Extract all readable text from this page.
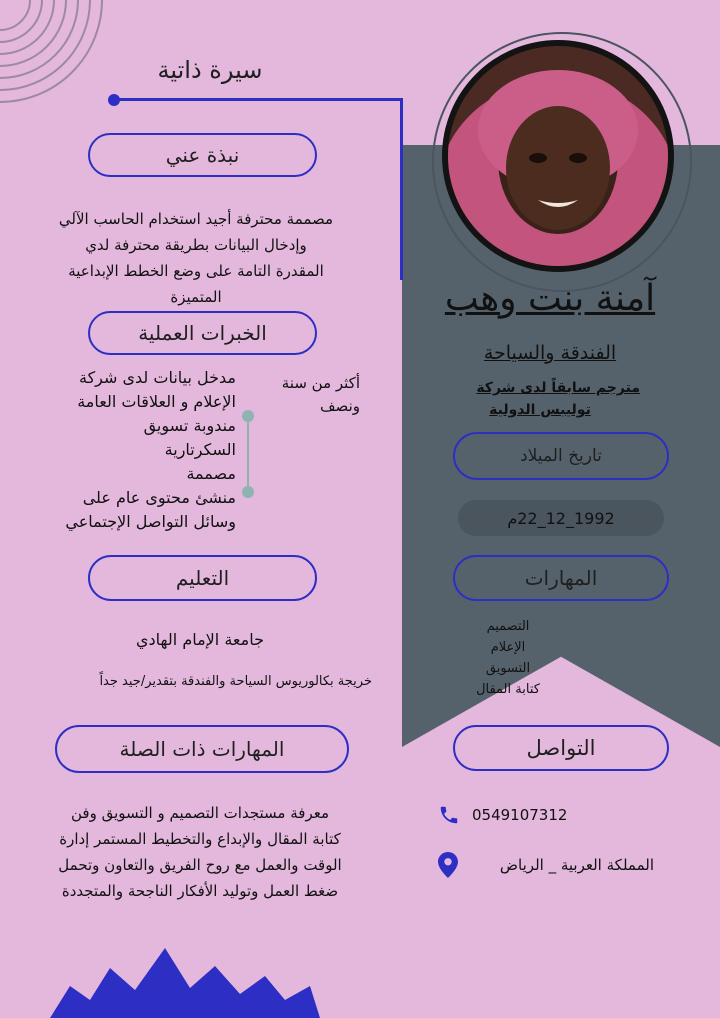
سيرة ذاتية
آمنة بنت وهب
الفندقة والسياحة
مترجم سابقاً لدى شركة
توليبس الدولية
تاريخ الميلاد
1992_12_22م
المهارات
التصميم
الإعلام
التسويق
كتابة المقال
التواصل
0549107312
المملكة العربية _ الرياض
نبذة عني
مصممة محترفة أجيد استخدام الحاسب الآلي
وإدخال البيانات بطريقة محترفة لدي
المقدرة التامة على وضع الخطط الإبداعية
المتميزة
الخبرات العملية
أكثر من سنة
ونصف
مدخل بيانات لدى شركة
الإعلام و العلاقات العامة
مندوبة تسويق
السكرتارية
مصممة
منشئ محتوى عام على
وسائل التواصل الإجتماعي
التعليم
جامعة الإمام الهادي
خريجة بكالوريوس السياحة والفندقة بتقدير/جيد جداً
المهارات ذات الصلة
معرفة مستجدات التصميم و التسويق وفن
كتابة المقال والإبداع والتخطيط المستمر إدارة
الوقت والعمل مع روح الفريق والتعاون وتحمل
ضغط العمل وتوليد الأفكار الناجحة والمتجددة
